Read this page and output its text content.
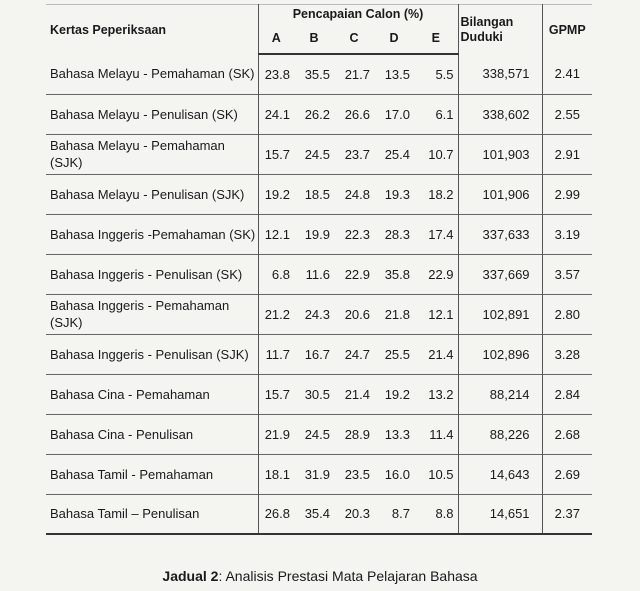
Kertas Peperiksaan	Pencapaian Calon (%)					Bilangan Duduki	GPMP
	A	B	C	D	E		
Bahasa Melayu - Pemahaman (SK)	23.8	35.5	21.7	13.5	5.5	338,571	2.41
Bahasa Melayu - Penulisan (SK)	24.1	26.2	26.6	17.0	6.1	338,602	2.55
Bahasa Melayu - Pemahaman (SJK)	15.7	24.5	23.7	25.4	10.7	101,903	2.91
Bahasa Melayu - Penulisan (SJK)	19.2	18.5	24.8	19.3	18.2	101,906	2.99
Bahasa Inggeris -Pemahaman (SK)	12.1	19.9	22.3	28.3	17.4	337,633	3.19
Bahasa Inggeris - Penulisan (SK)	6.8	11.6	22.9	35.8	22.9	337,669	3.57
Bahasa Inggeris - Pemahaman (SJK)	21.2	24.3	20.6	21.8	12.1	102,891	2.80
Bahasa Inggeris - Penulisan (SJK)	11.7	16.7	24.7	25.5	21.4	102,896	3.28
Bahasa Cina - Pemahaman	15.7	30.5	21.4	19.2	13.2	88,214	2.84
Bahasa Cina - Penulisan	21.9	24.5	28.9	13.3	11.4	88,226	2.68
Bahasa Tamil - Pemahaman	18.1	31.9	23.5	16.0	10.5	14,643	2.69
Bahasa Tamil – Penulisan	26.8	35.4	20.3	8.7	8.8	14,651	2.37
Jadual 2: Analisis Prestasi Mata Pelajaran Bahasa
